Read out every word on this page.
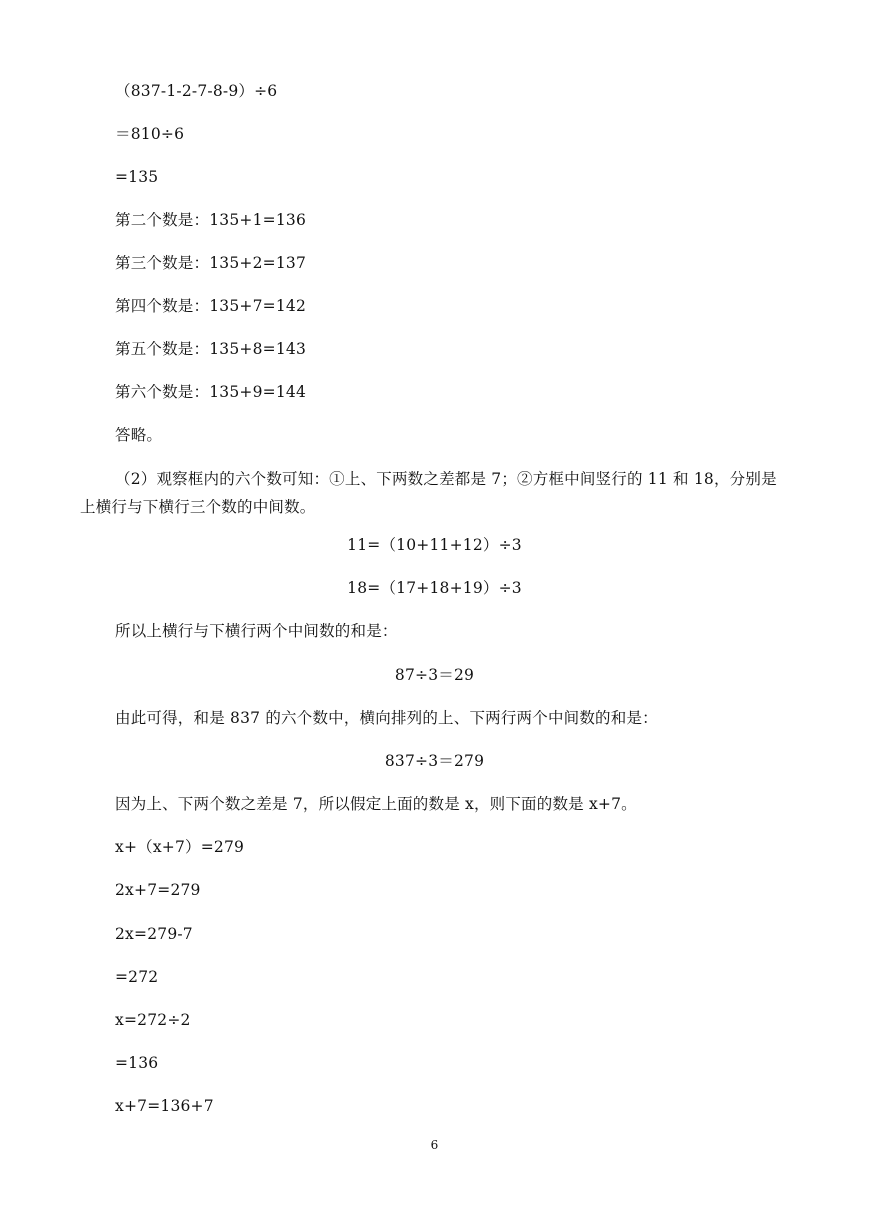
（837-1-2-7-8-9）÷6
＝810÷6
=135
第二个数是：135+1=136
第三个数是：135+2=137
第四个数是：135+7=142
第五个数是：135+8=143
第六个数是：135+9=144
答略。
（2）观察框内的六个数可知：①上、下两数之差都是 7；②方框中间竖行的 11 和 18，分别是上横行与下横行三个数的中间数。
11=（10+11+12）÷3
18=（17+18+19）÷3
所以上横行与下横行两个中间数的和是：
87÷3＝29
由此可得，和是 837 的六个数中，横向排列的上、下两行两个中间数的和是：
837÷3＝279
因为上、下两个数之差是 7，所以假定上面的数是 x，则下面的数是 x+7。
x+（x+7）=279
2x+7=279
2x=279-7
=272
x=272÷2
=136
x+7=136+7
6
